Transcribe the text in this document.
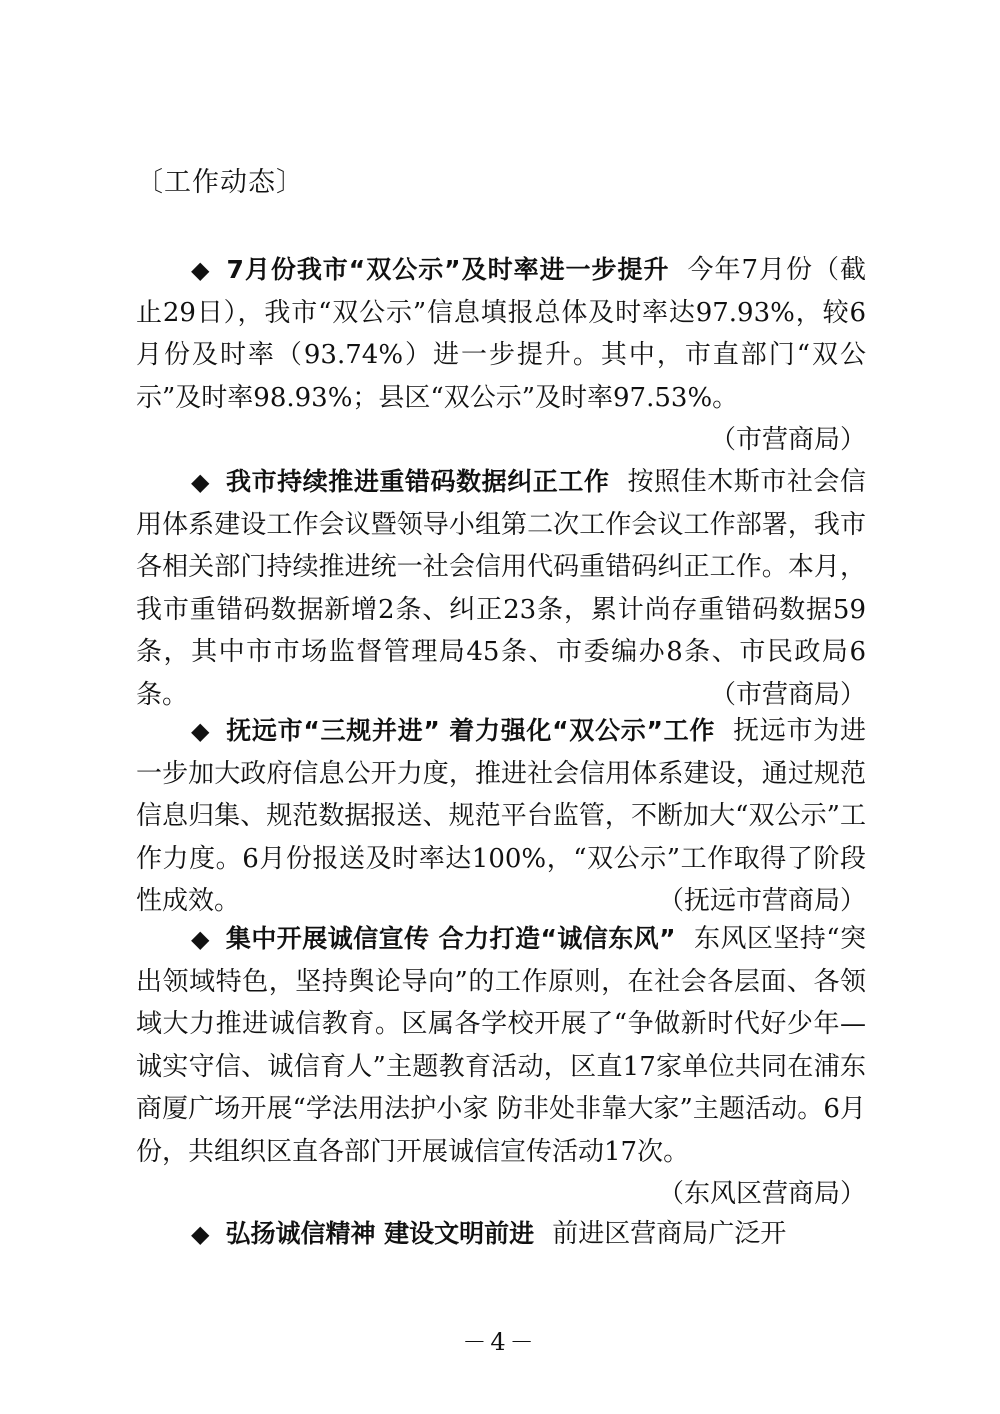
〔工作动态〕

◆ 7月份我市“双公示”及时率进一步提升 今年7月份（截止29日），我市“双公示”信息填报总体及时率达97.93%，较6月份及时率（93.74%）进一步提升。其中，市直部门“双公示”及时率98.93%；县区“双公示”及时率97.53%。

（市营商局）

◆ 我市持续推进重错码数据纠正工作 按照佳木斯市社会信用体系建设工作会议暨领导小组第二次工作会议工作部署，我市各相关部门持续推进统一社会信用代码重错码纠正工作。本月，我市重错码数据新增2条、纠正23条，累计尚存重错码数据59条，其中市市场监督管理局45条、市委编办8条、市民政局6条。	（市营商局）

◆ 抚远市“三规并进” 着力强化“双公示”工作 抚远市为进一步加大政府信息公开力度，推进社会信用体系建设，通过规范信息归集、规范数据报送、规范平台监管，不断加大“双公示”工作力度。6月份报送及时率达100%，“双公示”工作取得了阶段性成效。	（抚远市营商局）

◆ 集中开展诚信宣传 合力打造“诚信东风” 东风区坚持“突出领域特色，坚持舆论导向”的工作原则，在社会各层面、各领域大力推进诚信教育。区属各学校开展了“争做新时代好少年—诚实守信、诚信育人”主题教育活动，区直17家单位共同在浦东商厦广场开展“学法用法护小家 防非处非靠大家”主题活动。6月份，共组织区直各部门开展诚信宣传活动17次。
（东风区营商局）

◆ 弘扬诚信精神 建设文明前进 前进区营商局广泛开

－4－
